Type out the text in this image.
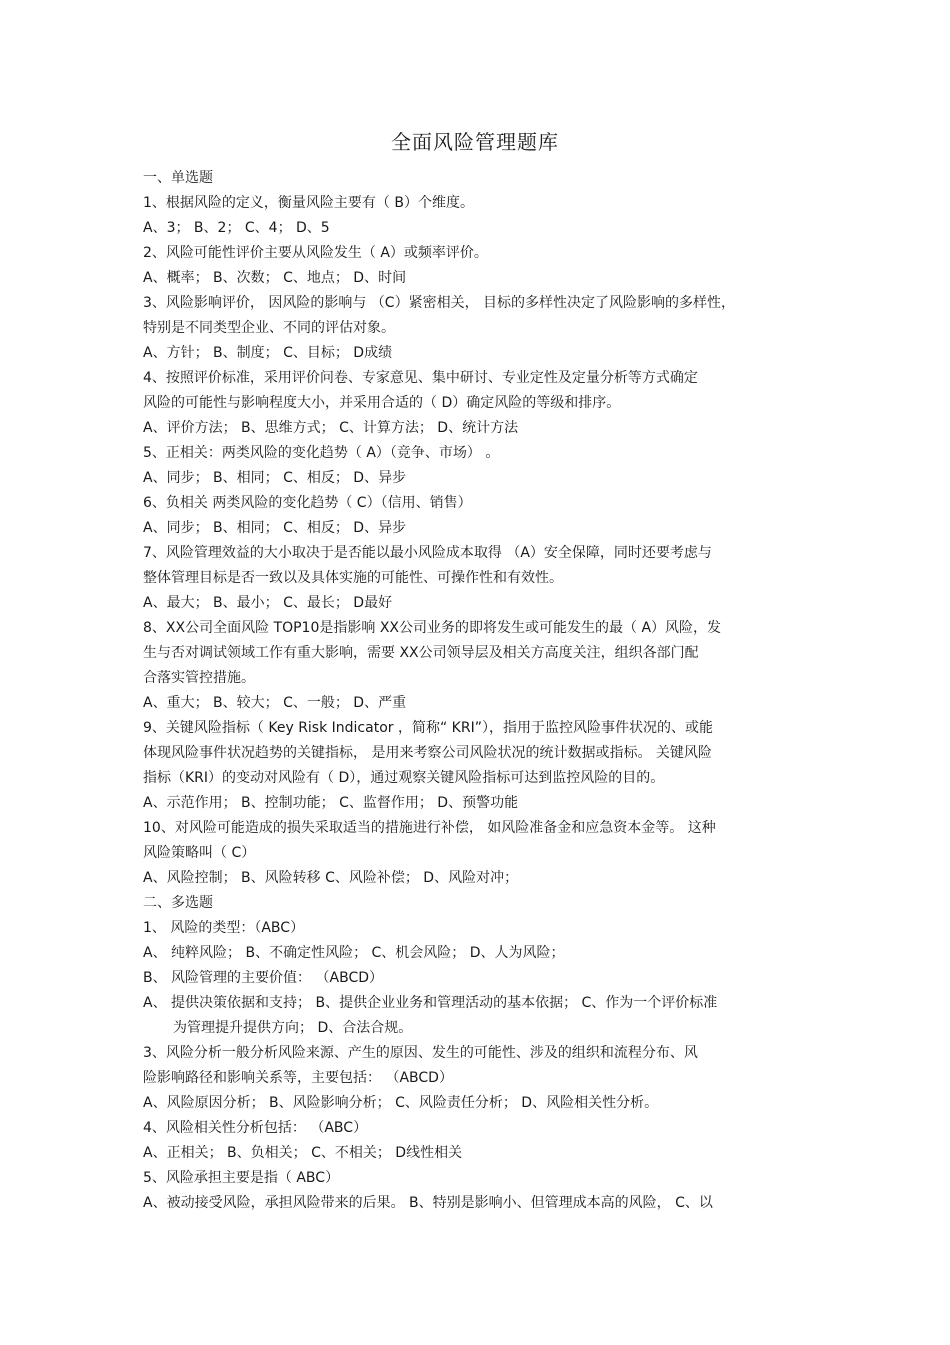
全面风险管理题库
一、单选题
1、根据风险的定义，衡量风险主要有（ B）个维度。
A、3； B、2； C、4； D、5
2、风险可能性评价主要从风险发生（ A）或频率评价。
A、概率； B、次数； C、地点； D、时间
3、风险影响评价， 因风险的影响与 （C）紧密相关， 目标的多样性决定了风险影响的多样性，
特别是不同类型企业、不同的评估对象。
A、方针； B、制度； C、目标； D成绩
4、按照评价标准，采用评价问卷、专家意见、集中研讨、专业定性及定量分析等方式确定
风险的可能性与影响程度大小，并采用合适的（ D）确定风险的等级和排序。
A、评价方法； B、思维方式； C、计算方法； D、统计方法
5、正相关：两类风险的变化趋势（ A）（竞争、市场） 。
A、同步； B、相同； C、相反； D、异步
6、负相关 两类风险的变化趋势（ C）（信用、销售）
A、同步； B、相同； C、相反； D、异步
7、风险管理效益的大小取决于是否能以最小风险成本取得 （A）安全保障，同时还要考虑与
整体管理目标是否一致以及具体实施的可能性、可操作性和有效性。
A、最大； B、最小； C、最长； D最好
8、XX公司全面风险 TOP10是指影响 XX公司业务的即将发生或可能发生的最（ A）风险，发
生与否对调试领域工作有重大影响，需要 XX公司领导层及相关方高度关注，组织各部门配
合落实管控措施。
A、重大； B、较大； C、一般； D、严重
9、关键风险指标（ Key Risk Indicator ，简称“ KRI”），指用于监控风险事件状况的、或能
体现风险事件状况趋势的关键指标， 是用来考察公司风险状况的统计数据或指标。 关键风险
指标（KRI）的变动对风险有（ D），通过观察关键风险指标可达到监控风险的目的。
A、示范作用； B、控制功能； C、监督作用； D、预警功能
10、对风险可能造成的损失采取适当的措施进行补偿， 如风险准备金和应急资本金等。 这种
风险策略叫（ C）
A、风险控制； B、风险转移 C、风险补偿； D、风险对冲；
二、多选题
1、 风险的类型：（ABC）
A、 纯粹风险； B、不确定性风险； C、机会风险； D、人为风险；
B、 风险管理的主要价值： （ABCD）
A、 提供决策依据和支持； B、提供企业业务和管理活动的基本依据； C、作为一个评价标准
为管理提升提供方向； D、合法合规。
3、风险分析一般分析风险来源、产生的原因、发生的可能性、涉及的组织和流程分布、风
险影响路径和影响关系等，主要包括： （ABCD）
A、风险原因分析； B、风险影响分析； C、风险责任分析； D、风险相关性分析。
4、风险相关性分析包括： （ABC）
A、正相关； B、负相关； C、不相关； D线性相关
5、风险承担主要是指（ ABC）
A、被动接受风险，承担风险带来的后果。 B、特别是影响小、但管理成本高的风险， C、以
